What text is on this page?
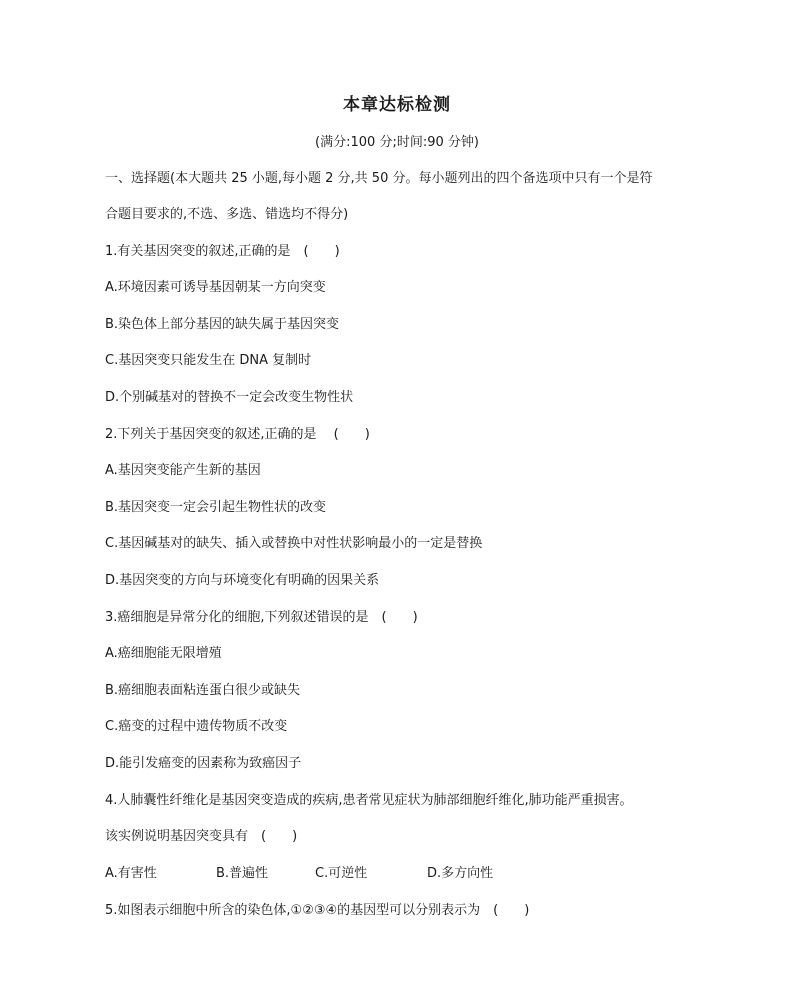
本章达标检测
(满分:100 分;时间:90 分钟)
一、选择题(本大题共 25 小题,每小题 2 分,共 50 分。每小题列出的四个备选项中只有一个是符
合题目要求的,不选、多选、错选均不得分)
1.有关基因突变的叙述,正确的是　(　　)
A.环境因素可诱导基因朝某一方向突变
B.染色体上部分基因的缺失属于基因突变
C.基因突变只能发生在 DNA 复制时
D.个别碱基对的替换不一定会改变生物性状
2.下列关于基因突变的叙述,正确的是　 (　　)
A.基因突变能产生新的基因
B.基因突变一定会引起生物性状的改变
C.基因碱基对的缺失、插入或替换中对性状影响最小的一定是替换
D.基因突变的方向与环境变化有明确的因果关系
3.癌细胞是异常分化的细胞,下列叙述错误的是　(　　)
A.癌细胞能无限增殖
B.癌细胞表面粘连蛋白很少或缺失
C.癌变的过程中遗传物质不改变
D.能引发癌变的因素称为致癌因子
4.人肺囊性纤维化是基因突变造成的疾病,患者常见症状为肺部细胞纤维化,肺功能严重损害。
该实例说明基因突变具有　(　　)
A.有害性	B.普遍性	C.可逆性	D.多方向性
5.如图表示细胞中所含的染色体,①②③④的基因型可以分别表示为　(　　)
